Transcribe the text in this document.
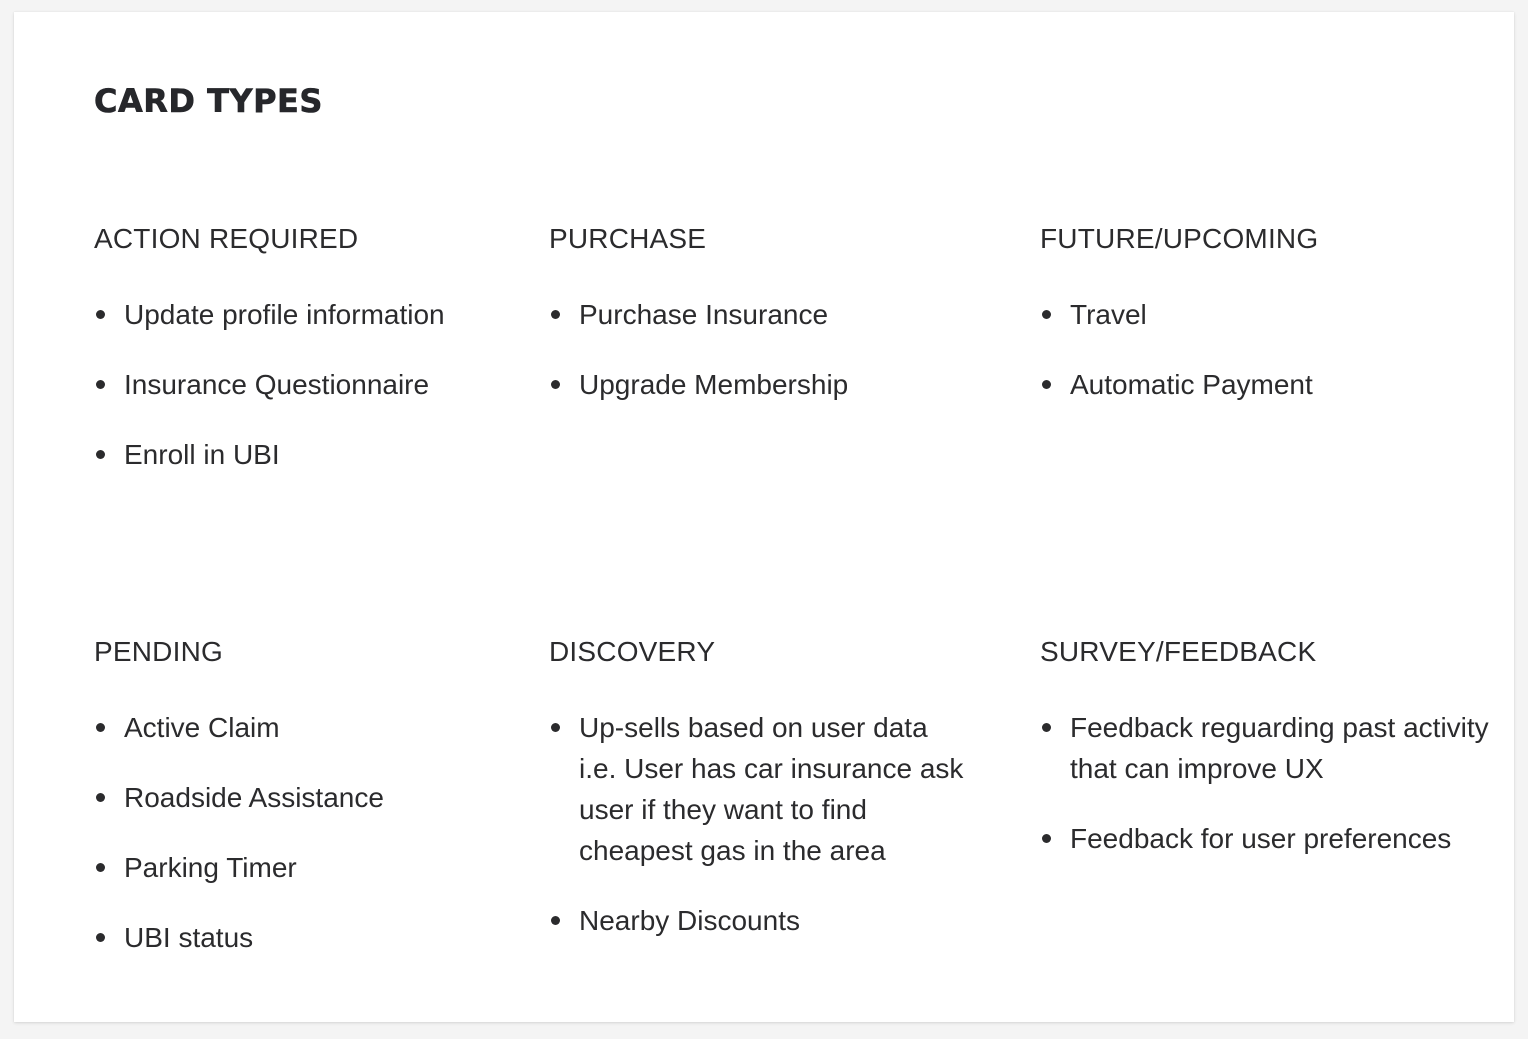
CARD TYPES
ACTION REQUIRED
Update profile information
Insurance Questionnaire
Enroll in UBI
PURCHASE
Purchase Insurance
Upgrade Membership
FUTURE/UPCOMING
Travel
Automatic Payment
PENDING
Active Claim
Roadside Assistance
Parking Timer
UBI status
DISCOVERY
Up-sells based on user data i.e. User has car insurance ask user if they want to find cheapest gas in the area
Nearby Discounts
SURVEY/FEEDBACK
Feedback reguarding past activity that can improve UX
Feedback for user preferences
